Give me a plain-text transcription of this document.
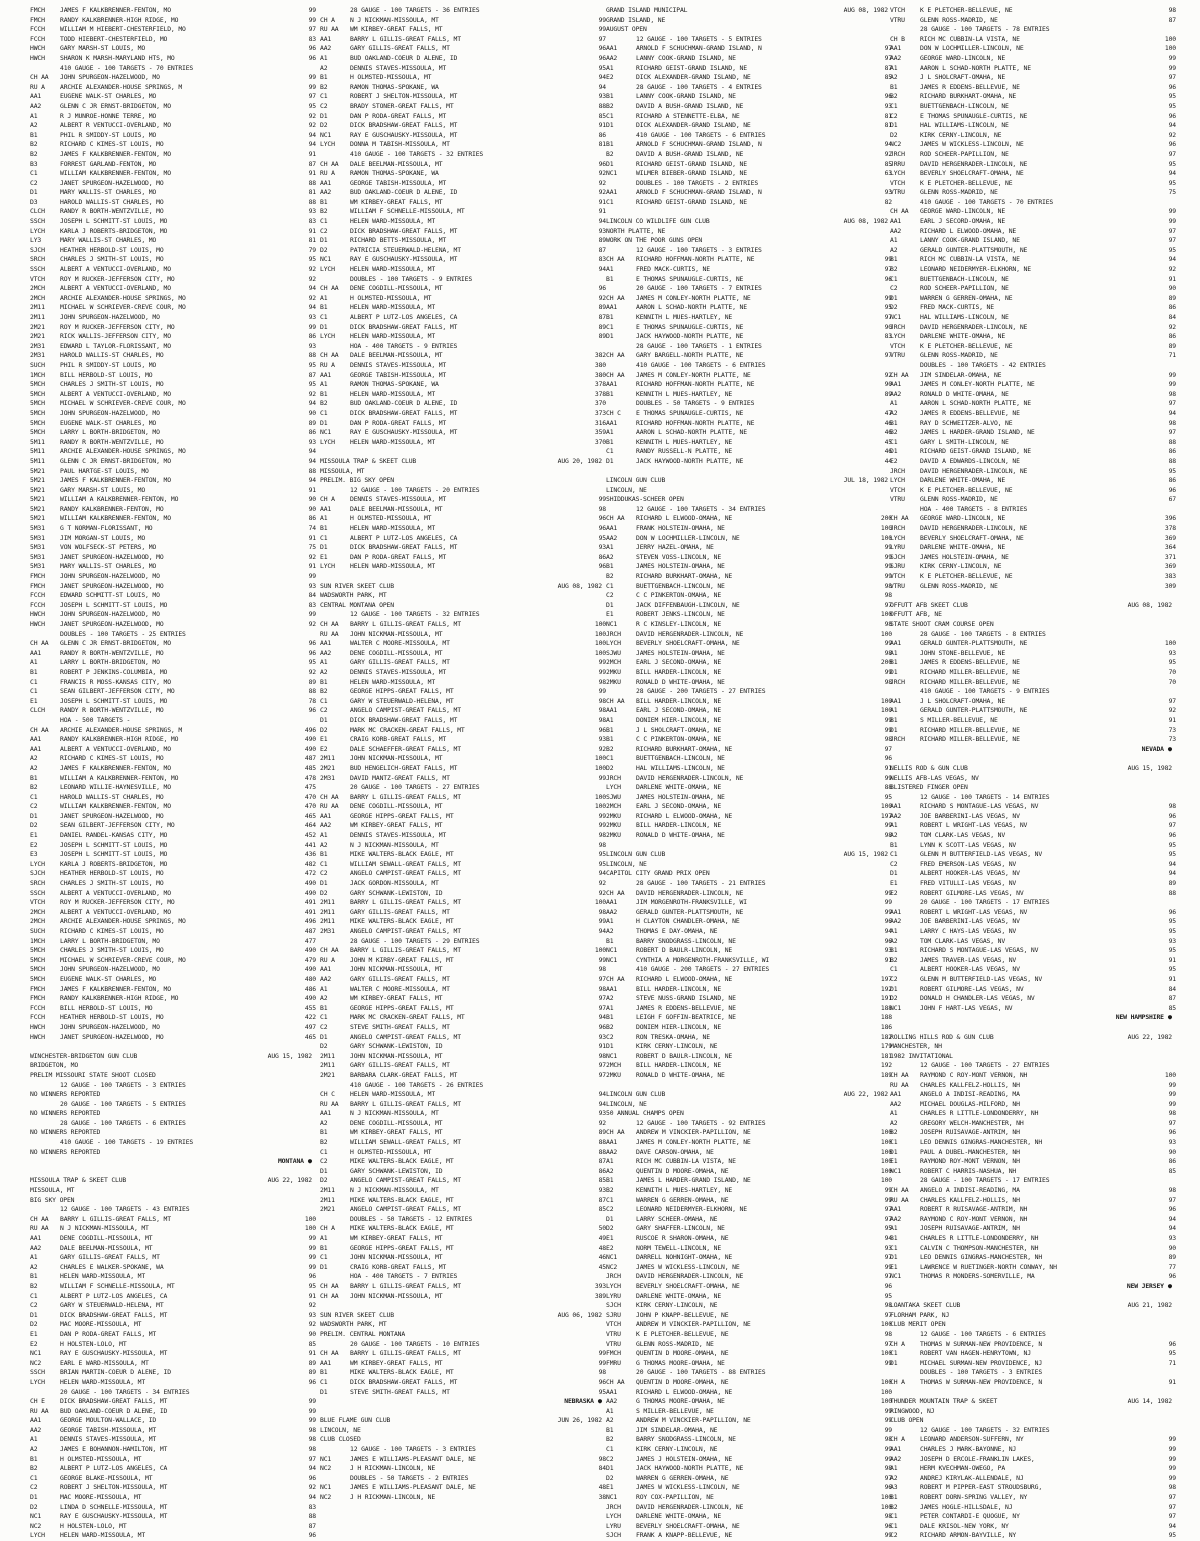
FMCH	JAMES F KALKBRENNER-FENTON, MO	99
FMCH	RANDY KALKBRENNER-HIGH RIDGE, MO	99
FCCH	WILLIAM M HIEBERT-CHESTERFIELD, MO	97
FCCH	TODD HIEBERT-CHESTERFIELD, MO	83
HWCH	GARY MARSH-ST LOUIS, MO	96
HWCH	SHARON K MARSH-MARYLAND HTS, MO	96
410 GAUGE - 100 TARGETS - 70 ENTRIES
CH AA	JOHN SPURGEON-HAZELWOOD, MO	99
RU A	ARCHIE ALEXANDER-HOUSE SPRINGS, M	99
AA1	EUGENE WALK-ST CHARLES, MO	97
AA2	GLENN C JR ERNST-BRIDGETON, MO	95
A1	R J MUNROE-HONNE TERRE, MO	92
A2	ALBERT R VENTUCCI-OVERLAND, MO	92
B1	PHIL R SMIDDY-ST LOUIS, MO	94
B2	RICHARD C KIMES-ST LOUIS, MO	94
B2	JAMES F KALKBRENNER-FENTON, MO	91
B3	FORREST GARLAND-FENTON, MO	87
C1	WILLIAM KALKBRENNER-FENTON, MO	91
C2	JANET SPURGEON-HAZELWOOD, MO	88
D1	MARY WALLIS-ST CHARLES, MO	81
D3	HAROLD WALLIS-ST CHARLES, MO	88
CLCH	RANDY R BORTH-WENTZVILLE, MO	93
SSCH	JOSEPH L SCHMITT-ST LOUIS, MO	83
LYCH	KARLA J ROBERTS-BRIDGETON, MO	91
LY3	MARY WALLIS-ST CHARLES, MO	81
SJCH	HEATHER HERBOLD-ST LOUIS, MO	79
SRCH	CHARLES J SMITH-ST LOUIS, MO	95
SSCH	ALBERT A VENTUCCI-OVERLAND, MO	92
VTCH	ROY M RUCKER-JEFFERSON CITY, MO	92
2MCH	ALBERT A VENTUCCI-OVERLAND, MO	94
2MCH	ARCHIE ALEXANDER-HOUSE SPRINGS, MO	92
2M11	MICHAEL W SCHRIEVER-CREVE COUR, MO	94
2M11	JOHN SPURGEON-HAZELWOOD, MO	93
2M21	ROY M RUCKER-JEFFERSON CITY, MO	99
2M21	RICK WALLIS-JEFFERSON CITY, MO	86
2M31	EDWARD L TAYLOR-FLORISSANT, MO	93
2M31	HAROLD WALLIS-ST CHARLES, MO	88
SUCH	PHIL R SMIDDY-ST LOUIS, MO	95
1MCH	BILL HERBOLD-ST LOUIS, MO	87
5MCH	CHARLES J SMITH-ST LOUIS, MO	95
5MCH	ALBERT A VENTUCCI-OVERLAND, MO	92
5MCH	MICHAEL W SCHRIEVER-CREVE COUR, MO	94
5MCH	JOHN SPURGEON-HAZELWOOD, MO	90
5MCH	EUGENE WALK-ST CHARLES, MO	89
5MCH	LARRY L BORTH-BRIDGETON, MO	86
5M11	RANDY R BORTH-WENTZVILLE, MO	93
5M11	ARCHIE ALEXANDER-HOUSE SPRINGS, MO	94
5M11	GLENN C JR ERNST-BRIDGETON, MO	94
5M21	PAUL HARTGE-ST LOUIS, MO	88
5M21	JAMES F KALKBRENNER-FENTON, MO	94
5M21	GARY MARSH-ST LOUIS, MO	91
5M21	WILLIAM A KALKBRENNER-FENTON, MO	90
5M21	RANDY KALKBRENNER-FENTON, MO	90
5M21	WILLIAM KALKBRENNER-FENTON, MO	86
5M31	G T NORMAN-FLORISSANT, MO	74
5M31	JIM MORGAN-ST LOUIS, MO	91
5M31	VON WOLFSECK-ST PETERS, MO	75
5M31	JANET SPURGEON-HAZELWOOD, MO	92
5M31	MARY WALLIS-ST CHARLES, MO	91
FMCH	JOHN SPURGEON-HAZELWOOD, MO	99
FMCH	JANET SPURGEON-HAZELWOOD, MO	93
FCCH	EDWARD SCHMITT-ST LOUIS, MO	84
FCCH	JOSEPH L SCHMITT-ST LOUIS, MO	83
HWCH	JOHN SPURGEON-HAZELWOOD, MO	99
HWCH	JANET SPURGEON-HAZELWOOD, MO	92
DOUBLES - 100 TARGETS - 25 ENTRIES
CH AA	GLENN C JR ERNST-BRIDGETON, MO	96
AA1	RANDY R BORTH-WENTZVILLE, MO	96
A1	LARRY L BORTH-BRIDGETON, MO	95
B1	ROBERT P JENKINS-COLUMBIA, MO	92
C1	FRANCIS R MOSS-KANSAS CITY, MO	89
C1	SEAN GILBERT-JEFFERSON CITY, MO	88
E1	JOSEPH L SCHMITT-ST LOUIS, MO	78
CLCH	RANDY R BORTH-WENTZVILLE, MO	96
HOA - 500 TARGETS -
CH AA	ARCHIE ALEXANDER-HOUSE SPRINGS, M	496
AA1	RANDY KALKBRENNER-HIGH RIDGE, MO	490
AA1	ALBERT A VENTUCCI-OVERLAND, MO	490
A2	RICHARD C KIMES-ST LOUIS, MO	487
A2	JAMES F KALKBRENNER-FENTON, MO	485
B1	WILLIAM A KALKBRENNER-FENTON, MO	478
B2	LEONARD WILLIE-HAYNESVILLE, MO	475
C1	HAROLD WALLIS-ST CHARLES, MO	470
C2	WILLIAM KALKBRENNER-FENTON, MO	470
D1	JANET SPURGEON-HAZELWOOD, MO	465
D2	SEAN GILBERT-JEFFERSON CITY, MO	464
E1	DANIEL RANDEL-KANSAS CITY, MO	452
E2	JOSEPH L SCHMITT-ST LOUIS, MO	441
E3	JOSEPH L SCHMITT-ST LOUIS, MO	436
LYCH	KARLA J ROBERTS-BRIDGETON, MO	482
SJCH	HEATHER HERBOLD-ST LOUIS, MO	472
SRCH	CHARLES J SMITH-ST LOUIS, MO	490
SSCH	ALBERT A VENTUCCI-OVERLAND, MO	490
VTCH	ROY M RUCKER-JEFFERSON CITY, MO	491
2MCH	ALBERT A VENTUCCI-OVERLAND, MO	491
2MCH	ARCHIE ALEXANDER-HOUSE SPRINGS, MO	496
SUCH	RICHARD C KIMES-ST LOUIS, MO	487
1MCH	LARRY L BORTH-BRIDGETON, MO	477
5MCH	CHARLES J SMITH-ST LOUIS, MO	490
5MCH	MICHAEL W SCHRIEVER-CREVE COUR, MO	479
5MCH	JOHN SPURGEON-HAZELWOOD, MO	490
5MCH	EUGENE WALK-ST CHARLES, MO	480
FMCH	JAMES F KALKBRENNER-FENTON, MO	486
FMCH	RANDY KALKBRENNER-HIGH RIDGE, MO	490
FCCH	BILL HERBOLD-ST LOUIS, MO	455
FCCH	HEATHER HERBOLD-ST LOUIS, MO	422
HWCH	JOHN SPURGEON-HAZELWOOD, MO	497
HWCH	JANET SPURGEON-HAZELWOOD, MO	465

WINCHESTER-BRIDGETON GUN CLUB	AUG 15, 1982
BRIDGETON, MO
PRELIM MISSOURI STATE SHOOT CLOSED
12 GAUGE - 100 TARGETS - 3 ENTRIES
NO WINNERS REPORTED
20 GAUGE - 100 TARGETS - 5 ENTRIES
NO WINNERS REPORTED
28 GAUGE - 100 TARGETS - 6 ENTRIES
NO WINNERS REPORTED
410 GAUGE - 100 TARGETS - 19 ENTRIES
NO WINNERS REPORTED
MONTANA ●

MISSOULA TRAP & SKEET CLUB	AUG 22, 1982
MISSOULA, MT
BIG SKY OPEN
12 GAUGE - 100 TARGETS - 43 ENTRIES
CH AA	BARRY L GILLIS-GREAT FALLS, MT	100
RU AA	N J NICKMAN-MISSOULA, MT	100
AA1	DENE COGDILL-MISSOULA, MT	99
AA2	DALE BEELMAN-MISSOULA, MT	99
A1	GARY GILLIS-GREAT FALLS, MT	99
A2	CHARLES E WALKER-SPOKANE, WA	99
B1	HELEN WARD-MISSOULA, MT	96
B2	WILLIAM F SCHNELLE-MISSOULA, MT	95
C1	ALBERT P LUTZ-LOS ANGELES, CA	91
C2	GARY W STEUERWALD-HELENA, MT	92
D1	DICK BRADSHAW-GREAT FALLS, MT	93
D2	MAC MOORE-MISSOULA, MT	92
E1	DAN P RODA-GREAT FALLS, MT	90
E2	H HOLSTEN-LOLO, MT	85
NC1	RAY E GUSCHAUSKY-MISSOULA, MT	91
NC2	EARL E WARD-MISSOULA, MT	89
SSCH	BRIAN MARTIN-COEUR D ALENE, ID	89
LYCH	HELEN WARD-MISSOULA, MT	96
20 GAUGE - 100 TARGETS - 34 ENTRIES
CH E	DICK BRADSHAW-GREAT FALLS, MT	99
RU AA	BUD OAKLAND-COEUR D ALENE, ID	99
AA1	GEORGE MOULTON-WALLACE, ID	99
AA2	GEORGE TABISH-MISSOULA, MT	98
A1	DENNIS STAVES-MISSOULA, MT	98
A2	JAMES E BOHANNON-HAMILTON, MT	98
B1	H OLMSTED-MISSOULA, MT	97
B2	ALBERT P LUTZ-LOS ANGELES, CA	94
C1	GEORGE BLAKE-MISSOULA, MT	96
C2	ROBERT J SHELTON-MISSOULA, MT	92
D1	MAC MOORE-MISSOULA, MT	94
D2	LINDA D SCHNELLE-MISSOULA, MT	83
NC1	RAY E GUSCHAUSKY-MISSOULA, MT	88
NC2	H HOLSTEN-LOLO, MT	87
LYCH	HELEN WARD-MISSOULA, MT	96
28 GAUGE - 100 TARGETS - 36 ENTRIES
CH A	N J NICKMAN-MISSOULA, MT	99
RU AA	WM KIRBEY-GREAT FALLS, MT	99
AA1	BARRY L GILLIS-GREAT FALLS, MT	97
AA2	GARY GILLIS-GREAT FALLS, MT	96
A1	BUD OAKLAND-COEUR D ALENE, ID	96
A2	DENNIS STAVES-MISSOULA, MT	95
B1	H OLMSTED-MISSOULA, MT	94
B2	RAMON THOMAS-SPOKANE, WA	94
C1	ROBERT J SHELTON-MISSOULA, MT	93
C2	BRADY STONER-GREAT FALLS, MT	88
D1	DAN P RODA-GREAT FALLS, MT	85
D2	DICK BRADSHAW-GREAT FALLS, MT	91
NC1	RAY E GUSCHAUSKY-MISSOULA, MT	86
LYCH	DONNA M TABISH-MISSOULA, MT	81
410 GAUGE - 100 TARGETS - 32 ENTRIES
CH AA	DALE BEELMAN-MISSOULA, MT	96
RU A	RAMON THOMAS-SPOKANE, WA	92
AA1	GEORGE TABISH-MISSOULA, MT	92
AA2	BUD OAKLAND-COEUR D ALENE, ID	92
B1	WM KIRBEY-GREAT FALLS, MT	91
B2	WILLIAM F SCHNELLE-MISSOULA, MT	91
C1	HELEN WARD-MISSOULA, MT	94
C2	DICK BRADSHAW-GREAT FALLS, MT	93
D1	RICHARD BETTS-MISSOULA, MT	89
D2	PATRICIA STEUERWALD-HELENA, MT	87
NC1	RAY E GUSCHAUSKY-MISSOULA, MT	83
LYCH	HELEN WARD-MISSOULA, MT	94
DOUBLES - 100 TARGETS - 9 ENTRIES
CH AA	DENE COGDILL-MISSOULA, MT	96
A1	H OLMSTED-MISSOULA, MT	92
B1	HELEN WARD-MISSOULA, MT	89
C1	ALBERT P LUTZ-LOS ANGELES, CA	87
D1	DICK BRADSHAW-GREAT FALLS, MT	89
LYCH	HELEN WARD-MISSOULA, MT	89
HOA - 400 TARGETS - 9 ENTRIES
CH AA	DALE BEELMAN-MISSOULA, MT	382
RU A	DENNIS STAVES-MISSOULA, MT	380
AA1	GEORGE TABISH-MISSOULA, MT	380
A1	RAMON THOMAS-SPOKANE, WA	378
B1	HELEN WARD-MISSOULA, MT	378
B2	BUD OAKLAND-COEUR D ALENE, ID	370
C1	DICK BRADSHAW-GREAT FALLS, MT	373
D1	DAN P RODA-GREAT FALLS, MT	316
NC1	RAY E GUSCHAUSKY-MISSOULA, MT	359
LYCH	HELEN WARD-MISSOULA, MT	370

MISSOULA TRAP & SKEET CLUB	AUG 20, 1982
MISSOULA, MT
PRELIM. BIG SKY OPEN
12 GAUGE - 100 TARGETS - 20 ENTRIES
CH A	DENNIS STAVES-MISSOULA, MT	99
AA1	DALE BEELMAN-MISSOULA, MT	98
A1	H OLMSTED-MISSOULA, MT	96
B1	HELEN WARD-MISSOULA, MT	96
C1	ALBERT P LUTZ-LOS ANGELES, CA	95
D1	DICK BRADSHAW-GREAT FALLS, MT	93
E1	DAN P RODA-GREAT FALLS, MT	86
LYCH	HELEN WARD-MISSOULA, MT	96

SUN RIVER SKEET CLUB	AUG 08, 1982
WADSWORTH PARK, MT
CENTRAL MONTANA OPEN
12 GAUGE - 100 TARGETS - 32 ENTRIES
CH AA	BARRY L GILLIS-GREAT FALLS, MT	100
RU AA	JOHN NICKMAN-MISSOULA, MT	100
AA1	WALTER C MOORE-MISSOULA, MT	100
AA2	DENE COGDILL-MISSOULA, MT	100
A1	GARY GILLIS-GREAT FALLS, MT	99
A2	DENNIS STAVES-MISSOULA, MT	99
B1	HELEN WARD-MISSOULA, MT	98
B2	GEORGE HIPPS-GREAT FALLS, MT	99
C1	GARY W STEUERWALD-HELENA, MT	98
C2	ANGELO CAMPIST-GREAT FALLS, MT	98
D1	DICK BRADSHAW-GREAT FALLS, MT	98
D2	MARK MC CRACKEN-GREAT FALLS, MT	96
E1	CRAIG KORB-GREAT FALLS, MT	93
E2	DALE SCHAEFFER-GREAT FALLS, MT	92
2M11	JOHN NICKMAN-MISSOULA, MT	100
2M21	BUD HENGELICH-GREAT FALLS, MT	100
2M31	DAVID MANTZ-GREAT FALLS, MT	99
20 GAUGE - 100 TARGETS - 27 ENTRIES
CH AA	BARRY L GILLIS-GREAT FALLS, MT	100
RU AA	DENE COGDILL-MISSOULA, MT	100
AA1	GEORGE HIPPS-GREAT FALLS, MT	99
AA2	WM KIRBEY-GREAT FALLS, MT	99
A1	DENNIS STAVES-MISSOULA, MT	98
A2	N J NICKMAN-MISSOULA, MT	98
B1	MIKE WALTERS-BLACK EAGLE, MT	95
C1	WILLIAM SEWALL-GREAT FALLS, MT	95
C2	ANGELO CAMPIST-GREAT FALLS, MT	94
D1	JACK GORDON-MISSOULA, MT	92
D2	GARY SCHWANK-LEWISTON, ID	92
2M11	BARRY L GILLIS-GREAT FALLS, MT	100
2M11	GARY GILLIS-GREAT FALLS, MT	98
2M11	MIKE WALTERS-BLACK EAGLE, MT	99
2M31	ANGELO CAMPIST-GREAT FALLS, MT	94
28 GAUGE - 100 TARGETS - 29 ENTRIES
CH AA	BARRY L GILLIS-GREAT FALLS, MT	100
RU A	JOHN M KIRBY-GREAT FALLS, MT	99
AA1	JOHN NICKMAN-MISSOULA, MT	98
AA2	GARY GILLIS-GREAT FALLS, MT	97
A1	WALTER C MOORE-MISSOULA, MT	98
A2	WM KIRBEY-GREAT FALLS, MT	97
B1	GEORGE HIPPS-GREAT FALLS, MT	97
C1	MARK MC CRACKEN-GREAT FALLS, MT	94
C2	STEVE SMITH-GREAT FALLS, MT	96
D1	ANGELO CAMPIST-GREAT FALLS, MT	93
D2	GARY SCHWANK-LEWISTON, ID	91
2M11	JOHN NICKMAN-MISSOULA, MT	98
2M11	GARY GILLIS-GREAT FALLS, MT	97
2M21	BARBARA CLARK-GREAT FALLS, MT	97
410 GAUGE - 100 TARGETS - 26 ENTRIES
CH C	HELEN WARD-MISSOULA, MT	94
RU AA	BARRY L GILLIS-GREAT FALLS, MT	94
AA1	N J NICKMAN-MISSOULA, MT	93
A2	DENE COGDILL-MISSOULA, MT	92
B1	WM KIRBEY-GREAT FALLS, MT	89
B2	WILLIAM SEWALL-GREAT FALLS, MT	88
C1	H OLMSTED-MISSOULA, MT	88
C2	MIKE WALTERS-BLACK EAGLE, MT	87
D1	GARY SCHWANK-LEWISTON, ID	86
D2	ANGELO CAMPIST-GREAT FALLS, MT	85
2M11	N J NICKMAN-MISSOULA, MT	93
2M11	MIKE WALTERS-BLACK EAGLE, MT	87
2M21	ANGELO CAMPIST-GREAT FALLS, MT	85
DOUBLES - 50 TARGETS - 12 ENTRIES
CH A	MIKE WALTERS-BLACK EAGLE, MT	50
A1	WM KIRBEY-GREAT FALLS, MT	49
B1	GEORGE HIPPS-GREAT FALLS, MT	48
C1	JOHN NICKMAN-MISSOULA, MT	46
D1	CRAIG KORB-GREAT FALLS, MT	45
HOA - 400 TARGETS - 7 ENTRIES
CH AA	BARRY L GILLIS-GREAT FALLS, MT	393
CH AA	JOHN NICKMAN-MISSOULA, MT	389

SUN RIVER SKEET CLUB	AUG 06, 1982
WADSWORTH PARK, MT
PRELIM. CENTRAL MONTANA
20 GAUGE - 100 TARGETS - 10 ENTRIES
CH AA	BARRY L GILLIS-GREAT FALLS, MT	99
AA1	WM KIRBEY-GREAT FALLS, MT	99
B1	MIKE WALTERS-BLACK EAGLE, MT	98
C1	DICK BRADSHAW-GREAT FALLS, MT	96
D1	STEVE SMITH-GREAT FALLS, MT	95
NEBRASKA ●

BLUE FLAME GUN CLUB	JUN 26, 1982
LINCOLN, NE
CLUB CLOSED
12 GAUGE - 100 TARGETS - 3 ENTRIES
NC1	JAMES E WILLIAMS-PLEASANT DALE, NE	98
NC2	J H RICKMAN-LINCOLN, NE	84
DOUBLES - 50 TARGETS - 2 ENTRIES
NC1	JAMES E WILLIAMS-PLEASANT DALE, NE	48
NC2	J H RICKMAN-LINCOLN, NE	38
GRAND ISLAND MUNICIPAL	AUG 08, 1982
GRAND ISLAND, NE
AUGUST OPEN
12 GAUGE - 100 TARGETS - 5 ENTRIES
AA1	ARNOLD F SCHUCHMAN-GRAND ISLAND, N	97
AA2	LANNY COOK-GRAND ISLAND, NE	97
A1	RICHARD GEIST-GRAND ISLAND, NE	87
E2	DICK ALEXANDER-GRAND ISLAND, NE	85
28 GAUGE - 100 TARGETS - 4 ENTRIES
B1	LANNY COOK-GRAND ISLAND, NE	96
B2	DAVID A BUSH-GRAND ISLAND, NE	93
C1	RICHARD A STENNETTE-ELBA, NE	81
D1	DICK ALEXANDER-GRAND ISLAND, NE	81
410 GAUGE - 100 TARGETS - 6 ENTRIES
B1	ARNOLD F SCHUCHMAN-GRAND ISLAND, N	94
B2	DAVID A BUSH-GRAND ISLAND, NE	92
D1	RICHARD GEIST-GRAND ISLAND, NE	85
NC1	WILMER BIEBER-GRAND ISLAND, NE	63
DOUBLES - 100 TARGETS - 2 ENTRIES
AA1	ARNOLD F SCHUCHMAN-GRAND ISLAND, N	93
C1	RICHARD GEIST-GRAND ISLAND, NE	82

LINCOLN CO WILDLIFE GUN CLUB	AUG 08, 1982
NORTH PLATTE, NE
WORK ON THE POOR GUNS OPEN
12 GAUGE - 100 TARGETS - 3 ENTRIES
CH AA	RICHARD HOFFMAN-NORTH PLATTE, NE	99
A1	FRED MACK-CURTIS, NE	97
B1	E THOMAS SPUNAUGLE-CURTIS, NE	96
20 GAUGE - 100 TARGETS - 7 ENTRIES
CH AA	JAMES M CONLEY-NORTH PLATTE, NE	99
AA1	AARON L SCHAD-NORTH PLATTE, NE	95
B1	KENNITH L MUES-HARTLEY, NE	97
C1	E THOMAS SPUNAUGLE-CURTIS, NE	90
D1	JACK HAYWOOD-NORTH PLATTE, NE	83
28 GAUGE - 100 TARGETS - 1 ENTRIES
CH AA	GARY BARGELL-NORTH PLATTE, NE	97
410 GAUGE - 100 TARGETS - 6 ENTRIES
CH AA	JAMES M CONLEY-NORTH PLATTE, NE	92
AA1	RICHARD HOFFMAN-NORTH PLATTE, NE	90
B1	KENNITH L MUES-HARTLEY, NE	89
DOUBLES - 50 TARGETS - 9 ENTRIES
CH C	E THOMAS SPUNAUGLE-CURTIS, NE	47
AA1	RICHARD HOFFMAN-NORTH PLATTE, NE	46
A1	AARON L SCHAD-NORTH PLATTE, NE	46
B1	KENNITH L MUES-HARTLEY, NE	45
C1	RANDY RUSSELL-N PLATTE, NE	46
D1	JACK HAYWOOD-NORTH PLATTE, NE	44

LINCOLN GUN CLUB	JUL 18, 1982
LINCOLN, NE
SHIDDUKAS-SCHEER OPEN
12 GAUGE - 100 TARGETS - 34 ENTRIES
CH AA	RICHARD L ELWOOD-OMAHA, NE	200
AA1	FRANK HOLSTEIN-OMAHA, NE	100
AA2	DON W LOCHMILLER-LINCOLN, NE	100
A1	JERRY HAZEL-OMAHA, NE	99
A2	STEVEN VOSS-LINCOLN, NE	99
B1	JAMES HOLSTEIN-OMAHA, NE	99
B2	RICHARD BURKHART-OMAHA, NE	99
C1	BUETTGENBACH-LINCOLN, NE	98
C2	C C PINKERTON-OMAHA, NE	98
D1	JACK DIFFENBAUGH-LINCOLN, NE	97
E1	ROBERT JENKS-LINCOLN, NE	100
NC1	R C KINSLEY-LINCOLN, NE	98
JRCH	DAVID HERGENRADER-LINCOLN, NE	100
LYCH	BEVERLY SHOELCRAFT-OMAHA, NE	99
SJWU	JAMES HOLSTEIN-OMAHA, NE	98
2MCH	EARL J SECOND-OMAHA, NE	200
2MKU	BILL HARDER-LINCOLN, NE	99
2MKU	RONALD D WHITE-OMAHA, NE	98
28 GAUGE - 200 TARGETS - 27 ENTRIES
CH AA	BILL HARDER-LINCOLN, NE	100
AA1	EARL J SECOND-OMAHA, NE	100
A1	DONIEM HIER-LINCOLN, NE	99
B1	J L SHOLCRAFT-OMAHA, NE	99
B1	C C PINKERTON-OMAHA, NE	98
B2	RICHARD BURKHART-OMAHA, NE	97
C1	BUETTGENBACH-LINCOLN, NE	96
D2	HAL WILLIAMS-LINCOLN, NE	91
JRCH	DAVID HERGENRADER-LINCOLN, NE	99
LYCH	DARLENE WHITE-OMAHA, NE	88
SJWU	JAMES HOLSTEIN-OMAHA, NE	95
2MCH	EARL J SECOND-OMAHA, NE	100
2MKU	RICHARD L ELWOOD-OMAHA, NE	197
2MKU	BILL HARDER-LINCOLN, NE	99
2MKU	RONALD D WHITE-OMAHA, NE	98

LINCOLN GUN CLUB	AUG 15, 1982
LINCOLN, NE
CAPITOL CITY GRAND PRIX OPEN
28 GAUGE - 100 TARGETS - 21 ENTRIES
CH AA	DAVID HERGENRADER-LINCOLN, NE	99
AA1	JIM MORGENROTH-FRANKSVILLE, WI	99
AA2	GERALD GUNTER-PLATTSMOUTH, NE	99
A1	H CLAYTON CHANDLER-OMAHA, NE	96
A2	THOMAS E DAY-OMAHA, NE	94
B1	BARRY SNODGRASS-LINCOLN, NE	96
NC1	ROBERT D BAULR-LINCOLN, NE	93
NC1	CYNTHIA A MORGENROTH-FRANKSVILLE, WI	91
410 GAUGE - 200 TARGETS - 27 ENTRIES
CH AA	RICHARD L ELWOOD-OMAHA, NE	197
AA1	BILL HARDER-LINCOLN, NE	192
A2	STEVE NUSS-GRAND ISLAND, NE	191
A1	JAMES R EDDENS-BELLEVUE, NE	188
B1	LEIGH F GOFFIN-BEATRICE, NE	188
B2	DONIEM HIER-LINCOLN, NE	186
C2	RON TRESKA-OMAHA, NE	182
D1	KIRK CERNY-LINCOLN, NE	179
NC1	ROBERT D BAULR-LINCOLN, NE	181
2MCH	BILL HARDER-LINCOLN, NE	192
2MKU	RONALD D WHITE-OMAHA, NE	189

LINCOLN GUN CLUB	AUG 22, 1982
LINCOLN, NE
50 ANNUAL CHAMPS OPEN
12 GAUGE - 100 TARGETS - 92 ENTRIES
CH AA	ANDREW M VINCKIER-PAPILLION, NE	100
AA1	JAMES M CONLEY-NORTH PLATTE, NE	100
AA2	DAVE CARSON-OMAHA, NE	100
A1	RICH MC CUBBIN-LA VISTA, NE	100
A2	QUENTIN D MOORE-OMAHA, NE	100
B1	JAMES L HARDER-GRAND ISLAND, NE	100
B2	KENNITH L MUES-HARTLEY, NE	99
C1	WARREN G GERREN-OMAHA, NE	99
C2	LEONARD NEIDERMYER-ELKHORN, NE	97
D1	LARRY SCHEER-OMAHA, NE	97
D2	GARY SHAFFER-LINCOLN, NE	95
E1	RUSCOE R SHARON-OMAHA, NE	94
E2	NORM TEWELL-LINCOLN, NE	93
NC1	DARRELL NOHNIGHT-OMAHA, NE	97
NC2	JAMES W WICKLESS-LINCOLN, NE	99
JRCH	DAVID HERGENRADER-LINCOLN, NE	97
LYCH	BEVERLY SHOELCRAFT-OMAHA, NE	96
LYRU	DARLENE WHITE-OMAHA, NE	95
SJCH	KIRK CERNY-LINCOLN, NE	98
SJRU	JOHN P KNAPP-BELLEVUE, NE	97
VTCH	ANDREW M VINCKIER-PAPILLION, NE	100
VTRU	K E PLETCHER-BELLEVUE, NE	98
VTRU	GLENN ROSS-MADRID, NE	97
FMCH	QUENTIN D MOORE-OMAHA, NE	100
FMRU	G THOMAS MOORE-OMAHA, NE	99
20 GAUGE - 100 TARGETS - 88 ENTRIES
CH AA	QUENTIN D MOORE-OMAHA, NE	100
AA1	RICHARD L ELWOOD-OMAHA, NE	100
AA2	G THOMAS MOORE-OMAHA, NE	100
A1	S MILLER-BELLEVUE, NE	99
A2	ANDREW M VINCKIER-PAPILLION, NE	99
B1	JIM SINDELAR-OMAHA, NE	99
B2	BARRY SNODGRASS-LINCOLN, NE	98
C1	KIRK CERNY-LINCOLN, NE	99
C2	JAMES J HOLSTEIN-OMAHA, NE	99
D1	JACK HAYWOOD-NORTH PLATTE, NE	98
D2	WARREN G GERREN-OMAHA, NE	97
E1	JAMES W WICKLESS-LINCOLN, NE	96
NC1	ROY COX-PAPILLION, NE	100
JRCH	DAVID HERGENRADER-LINCOLN, NE	100
LYCH	DARLENE WHITE-OMAHA, NE	98
LYRU	BEVERLY SHOELCRAFT-OMAHA, NE	96
SJCH	FRANK A KNAPP-BELLEVUE, NE	99
VTCH	K E PLETCHER-BELLEVUE, NE	98
VTRU	GLENN ROSS-MADRID, NE	87
28 GAUGE - 100 TARGETS - 78 ENTRIES
CH B	RICH MC CUBBIN-LA VISTA, NE	100
AA1	DON W LOCHMILLER-LINCOLN, NE	100
AA2	GEORGE WARD-LINCOLN, NE	99
A1	AARON L SCHAD-NORTH PLATTE, NE	99
A2	J L SHOLCRAFT-OMAHA, NE	97
B1	JAMES R EDDENS-BELLEVUE, NE	96
B2	RICHARD BURKHART-OMAHA, NE	95
C1	BUETTGENBACH-LINCOLN, NE	95
C2	E THOMAS SPUNAUGLE-CURTIS, NE	96
D1	HAL WILLIAMS-LINCOLN, NE	94
D2	KIRK CERNY-LINCOLN, NE	92
NC2	JAMES W WICKLESS-LINCOLN, NE	96
JRCH	ROD SCHEER-PAPILLION, NE	97
JRRU	DAVID HERGENRADER-LINCOLN, NE	95
LYCH	BEVERLY SHOELCRAFT-OMAHA, NE	94
VTCH	K E PLETCHER-BELLEVUE, NE	95
VTRU	GLENN ROSS-MADRID, NE	75
410 GAUGE - 100 TARGETS - 70 ENTRIES
CH AA	GEORGE WARD-LINCOLN, NE	99
AA1	EARL J SECORD-OMAHA, NE	99
AA2	RICHARD L ELWOOD-OMAHA, NE	97
A1	LANNY COOK-GRAND ISLAND, NE	97
A2	GERALD GUNTER-PLATTSMOUTH, NE	95
B1	RICH MC CUBBIN-LA VISTA, NE	94
B2	LEONARD NEIDERMYER-ELKHORN, NE	92
C1	BUETTGENBACH-LINCOLN, NE	91
C2	ROD SCHEER-PAPILLION, NE	90
D1	WARREN G GERREN-OMAHA, NE	89
D2	FRED MACK-CURTIS, NE	86
NC1	HAL WILLIAMS-LINCOLN, NE	84
JRCH	DAVID HERGENRADER-LINCOLN, NE	92
LYCH	DARLENE WHITE-OMAHA, NE	86
VTCH	K E PLETCHER-BELLEVUE, NE	89
VTRU	GLENN ROSS-MADRID, NE	71
DOUBLES - 100 TARGETS - 42 ENTRIES
CH AA	JIM SINDELAR-OMAHA, NE	99
AA1	JAMES M CONLEY-NORTH PLATTE, NE	99
AA2	RONALD D WHITE-OMAHA, NE	98
A1	AARON L SCHAD-NORTH PLATTE, NE	97
A2	JAMES R EDDENS-BELLEVUE, NE	94
B1	RAY D SCHWEITZER-ALVO, NE	98
B2	JAMES L HARDER-GRAND ISLAND, NE	97
C1	GARY L SMITH-LINCOLN, NE	88
D1	RICHARD GEIST-GRAND ISLAND, NE	86
E2	DAVID A EDWARDS-LINCOLN, NE	88
JRCH	DAVID HERGENRADER-LINCOLN, NE	95
LYCH	DARLENE WHITE-OMAHA, NE	86
VTCH	K E PLETCHER-BELLEVUE, NE	96
VTRU	GLENN ROSS-MADRID, NE	67
HOA - 400 TARGETS - 8 ENTRIES
CH AA	GEORGE WARD-LINCOLN, NE	396
JRCH	DAVID HERGENRADER-LINCOLN, NE	378
LYCH	BEVERLY SHOELCRAFT-OMAHA, NE	369
LYRU	DARLENE WHITE-OMAHA, NE	364
SJCH	JAMES HOLSTEIN-OMAHA, NE	371
SJRU	KIRK CERNY-LINCOLN, NE	369
VTCH	K E PLETCHER-BELLEVUE, NE	383
VTRU	GLENN ROSS-MADRID, NE	309

OFFUTT AFB SKEET CLUB	AUG 08, 1982
OFFUTT AFB, NE
STATE SHOOT CRAM COURSE OPEN
28 GAUGE - 100 TARGETS - 8 ENTRIES
AA1	GERALD GUNTER-PLATTSMOUTH, NE	100
A1	JOHN STONE-BELLEVUE, NE	93
B1	JAMES R EDDENS-BELLEVUE, NE	95
D1	RICHARD MILLER-BELLEVUE, NE	70
JRCH	RICHARD MILLER-BELLEVUE, NE	70
410 GAUGE - 100 TARGETS - 9 ENTRIES
AA1	J L SHOLCRAFT-OMAHA, NE	97
A1	GERALD GUNTER-PLATTSMOUTH, NE	92
B1	S MILLER-BELLEVUE, NE	91
D1	RICHARD MILLER-BELLEVUE, NE	73
JRCH	RICHARD MILLER-BELLEVUE, NE	73
NEVADA ●

NELLIS ROD & GUN CLUB	AUG 15, 1982
NELLIS AFB-LAS VEGAS, NV
BLISTERED FINGER OPEN
12 GAUGE - 100 TARGETS - 14 ENTRIES
AA1	RICHARD S MONTAGUE-LAS VEGAS, NV	98
AA2	JOE BARBERINI-LAS VEGAS, NV	96
A1	ROBERT L WRIGHT-LAS VEGAS, NV	97
A2	TOM CLARK-LAS VEGAS, NV	96
B1	LYNN K SCOTT-LAS VEGAS, NV	95
C1	GLENN M BUTTERFIELD-LAS VEGAS, NV	95
C2	FRED EMERSON-LAS VEGAS, NV	94
D1	ALBERT HOOKER-LAS VEGAS, NV	94
E1	FRED VITULLI-LAS VEGAS, NV	89
E2	ROBERT GILMORE-LAS VEGAS, NV	88
20 GAUGE - 100 TARGETS - 17 ENTRIES
AA1	ROBERT L WRIGHT-LAS VEGAS, NV	96
AA2	JOE BARBERINI-LAS VEGAS, NV	95
A1	LARRY C HAYS-LAS VEGAS, NV	95
A2	TOM CLARK-LAS VEGAS, NV	93
B1	RICHARD S MONTAGUE-LAS VEGAS, NV	95
B2	JAMES TRAVER-LAS VEGAS, NV	91
C1	ALBERT HOOKER-LAS VEGAS, NV	95
C2	GLENN M BUTTERFIELD-LAS VEGAS, NV	91
D1	ROBERT GILMORE-LAS VEGAS, NV	84
D2	DONALD H CHANDLER-LAS VEGAS, NV	87
NC1	JOHN F HART-LAS VEGAS, NV	85
NEW HAMPSHIRE ●

ROLLING HILLS ROD & GUN CLUB	AUG 22, 1982
MANCHESTER, NH
1982 INVITATIONAL
12 GAUGE - 100 TARGETS - 27 ENTRIES
CH AA	RAYMOND C ROY-MONT VERNON, NH	100
RU AA	CHARLES KALLFELZ-HOLLIS, NH	99
AA1	ANGELO A INDISI-READING, MA	99
AA2	MICHAEL DOUGLAS-MILFORD, NH	99
A1	CHARLES R LITTLE-LONDONDERRY, NH	98
A2	GREGORY WELCH-MANCHESTER, NH	97
B2	JOSEPH RUISAVAGE-ANTRIM, NH	96
C1	LEO DENNIS GINGRAS-MANCHESTER, NH	93
D1	PAUL A DUBEL-MANCHESTER, NH	90
E1	RAYMOND ROY-MONT VERNON, NH	86
NC1	ROBERT C HARRIS-NASHUA, NH	85
28 GAUGE - 100 TARGETS - 17 ENTRIES
CH AA	ANGELO A INDISI-READING, MA	98
RU AA	CHARLES KALLFELZ-HOLLIS, NH	97
AA1	ROBERT R RUISAVAGE-ANTRIM, NH	96
AA2	RAYMOND C ROY-MONT VERNON, NH	94
A1	JOSEPH RUISAVAGE-ANTRIM, NH	94
B1	CHARLES R LITTLE-LONDONDERRY, NH	93
C1	CALVIN C THOMPSON-MANCHESTER, NH	90
D1	LEO DENNIS GINGRAS-MANCHESTER, NH	89
E1	LAWRENCE W RUETINGER-NORTH CONWAY, NH	77
NC1	THOMAS R MONDERS-SOMERVILLE, MA	96
NEW JERSEY ●

LOANTAKA SKEET CLUB	AUG 21, 1982
FLORHAM PARK, NJ
CLUB MERIT OPEN
12 GAUGE - 100 TARGETS - 6 ENTRIES
CH A	THOMAS W SURMAN-NEW PROVIDENCE, N	96
C1	ROBERT VAN HAGEN-HENRYTOWN, NJ	95
D1	MICHAEL SURMAN-NEW PROVIDENCE, NJ	71
DOUBLES - 100 TARGETS - 3 ENTRIES
CH A	THOMAS W SURMAN-NEW PROVIDENCE, N	91

THUNDER MOUNTAIN TRAP & SKEET	AUG 14, 1982
RINGWOOD, NJ
CLUB OPEN
12 GAUGE - 100 TARGETS - 32 ENTRIES
CH A	LEONARD ANDERSON-SUFFERN, NY	99
AA1	CHARLES J MARK-BAYONNE, NJ	99
AA2	JOSEPH D ERCOLE-FRANKLIN LAKES,	99
A1	HERM KVECHMAN-OWEGO, PA	99
A2	ANDREJ KIRYLAK-ALLENDALE, NJ	99
A3	ROBERT M PIPPER-EAST STROUDSBURG,	98
B1	ROBERT DORN-SPRING VALLEY, NY	97
B2	JAMES HOGLE-HILLSDALE, NJ	97
C1	PETER CONTARDI-E QUOGUE, NY	97
C1	DALE KRISOL-NEW YORK, NY	94
C2	RICHARD ARMON-BAYVILLE, NY	95
